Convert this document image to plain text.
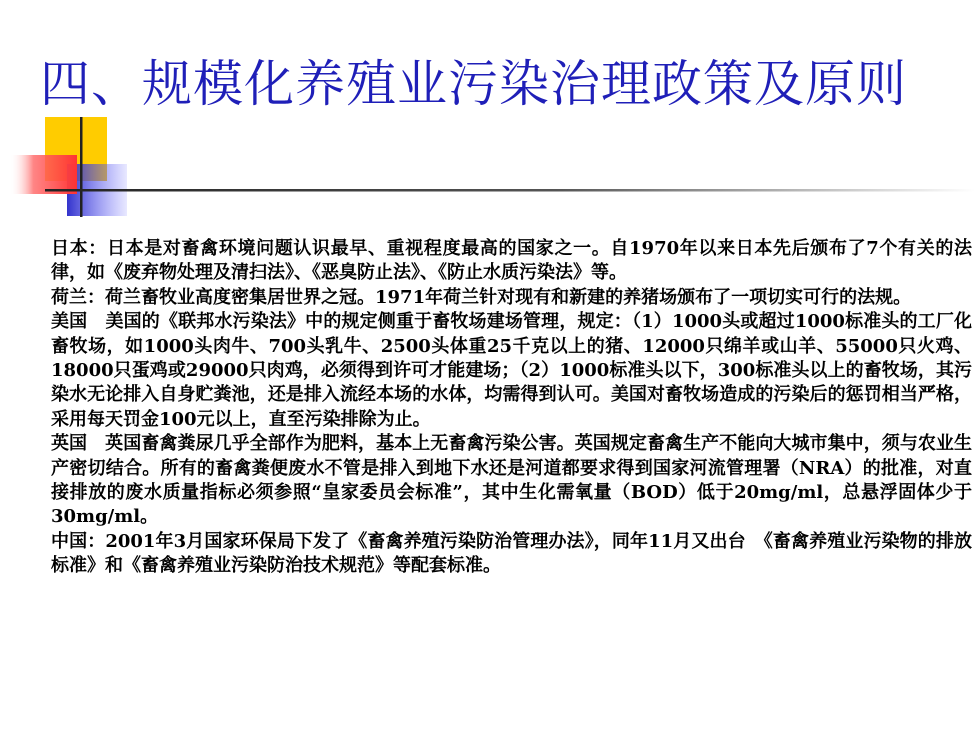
四、规模化养殖业污染治理政策及原则

日本：日本是对畜禽环境问题认识最早、重视程度最高的国家之一。自1970年以来日本先后颁布了7个有关的法律，如《废弃物处理及清扫法》、《恶臭防止法》、《防止水质污染法》等。

荷兰：荷兰畜牧业高度密集居世界之冠。1971年荷兰针对现有和新建的养猪场颁布了一项切实可行的法规。

美国　美国的《联邦水污染法》中的规定侧重于畜牧场建场管理，规定：（1）1000头或超过1000标准头的工厂化畜牧场，如1000头肉牛、700头乳牛、2500头体重25千克以上的猪、12000只绵羊或山羊、55000只火鸡、18000只蛋鸡或29000只肉鸡，必须得到许可才能建场；（2）1000标准头以下，300标准头以上的畜牧场，其污染水无论排入自身贮粪池，还是排入流经本场的水体，均需得到认可。美国对畜牧场造成的污染后的惩罚相当严格，采用每天罚金100元以上，直至污染排除为止。

英国　英国畜禽粪尿几乎全部作为肥料，基本上无畜禽污染公害。英国规定畜禽生产不能向大城市集中，须与农业生产密切结合。所有的畜禽粪便废水不管是排入到地下水还是河道都要求得到国家河流管理署（NRA）的批准，对直接排放的废水质量指标必须参照“皇家委员会标准”，其中生化需氧量（BOD）低于20mg/ml，总悬浮固体少于30mg/ml。

中国：2001年3月国家环保局下发了《畜禽养殖污染防治管理办法》，同年11月又出台　《畜禽养殖业污染物的排放标准》和《畜禽养殖业污染防治技术规范》等配套标准。
